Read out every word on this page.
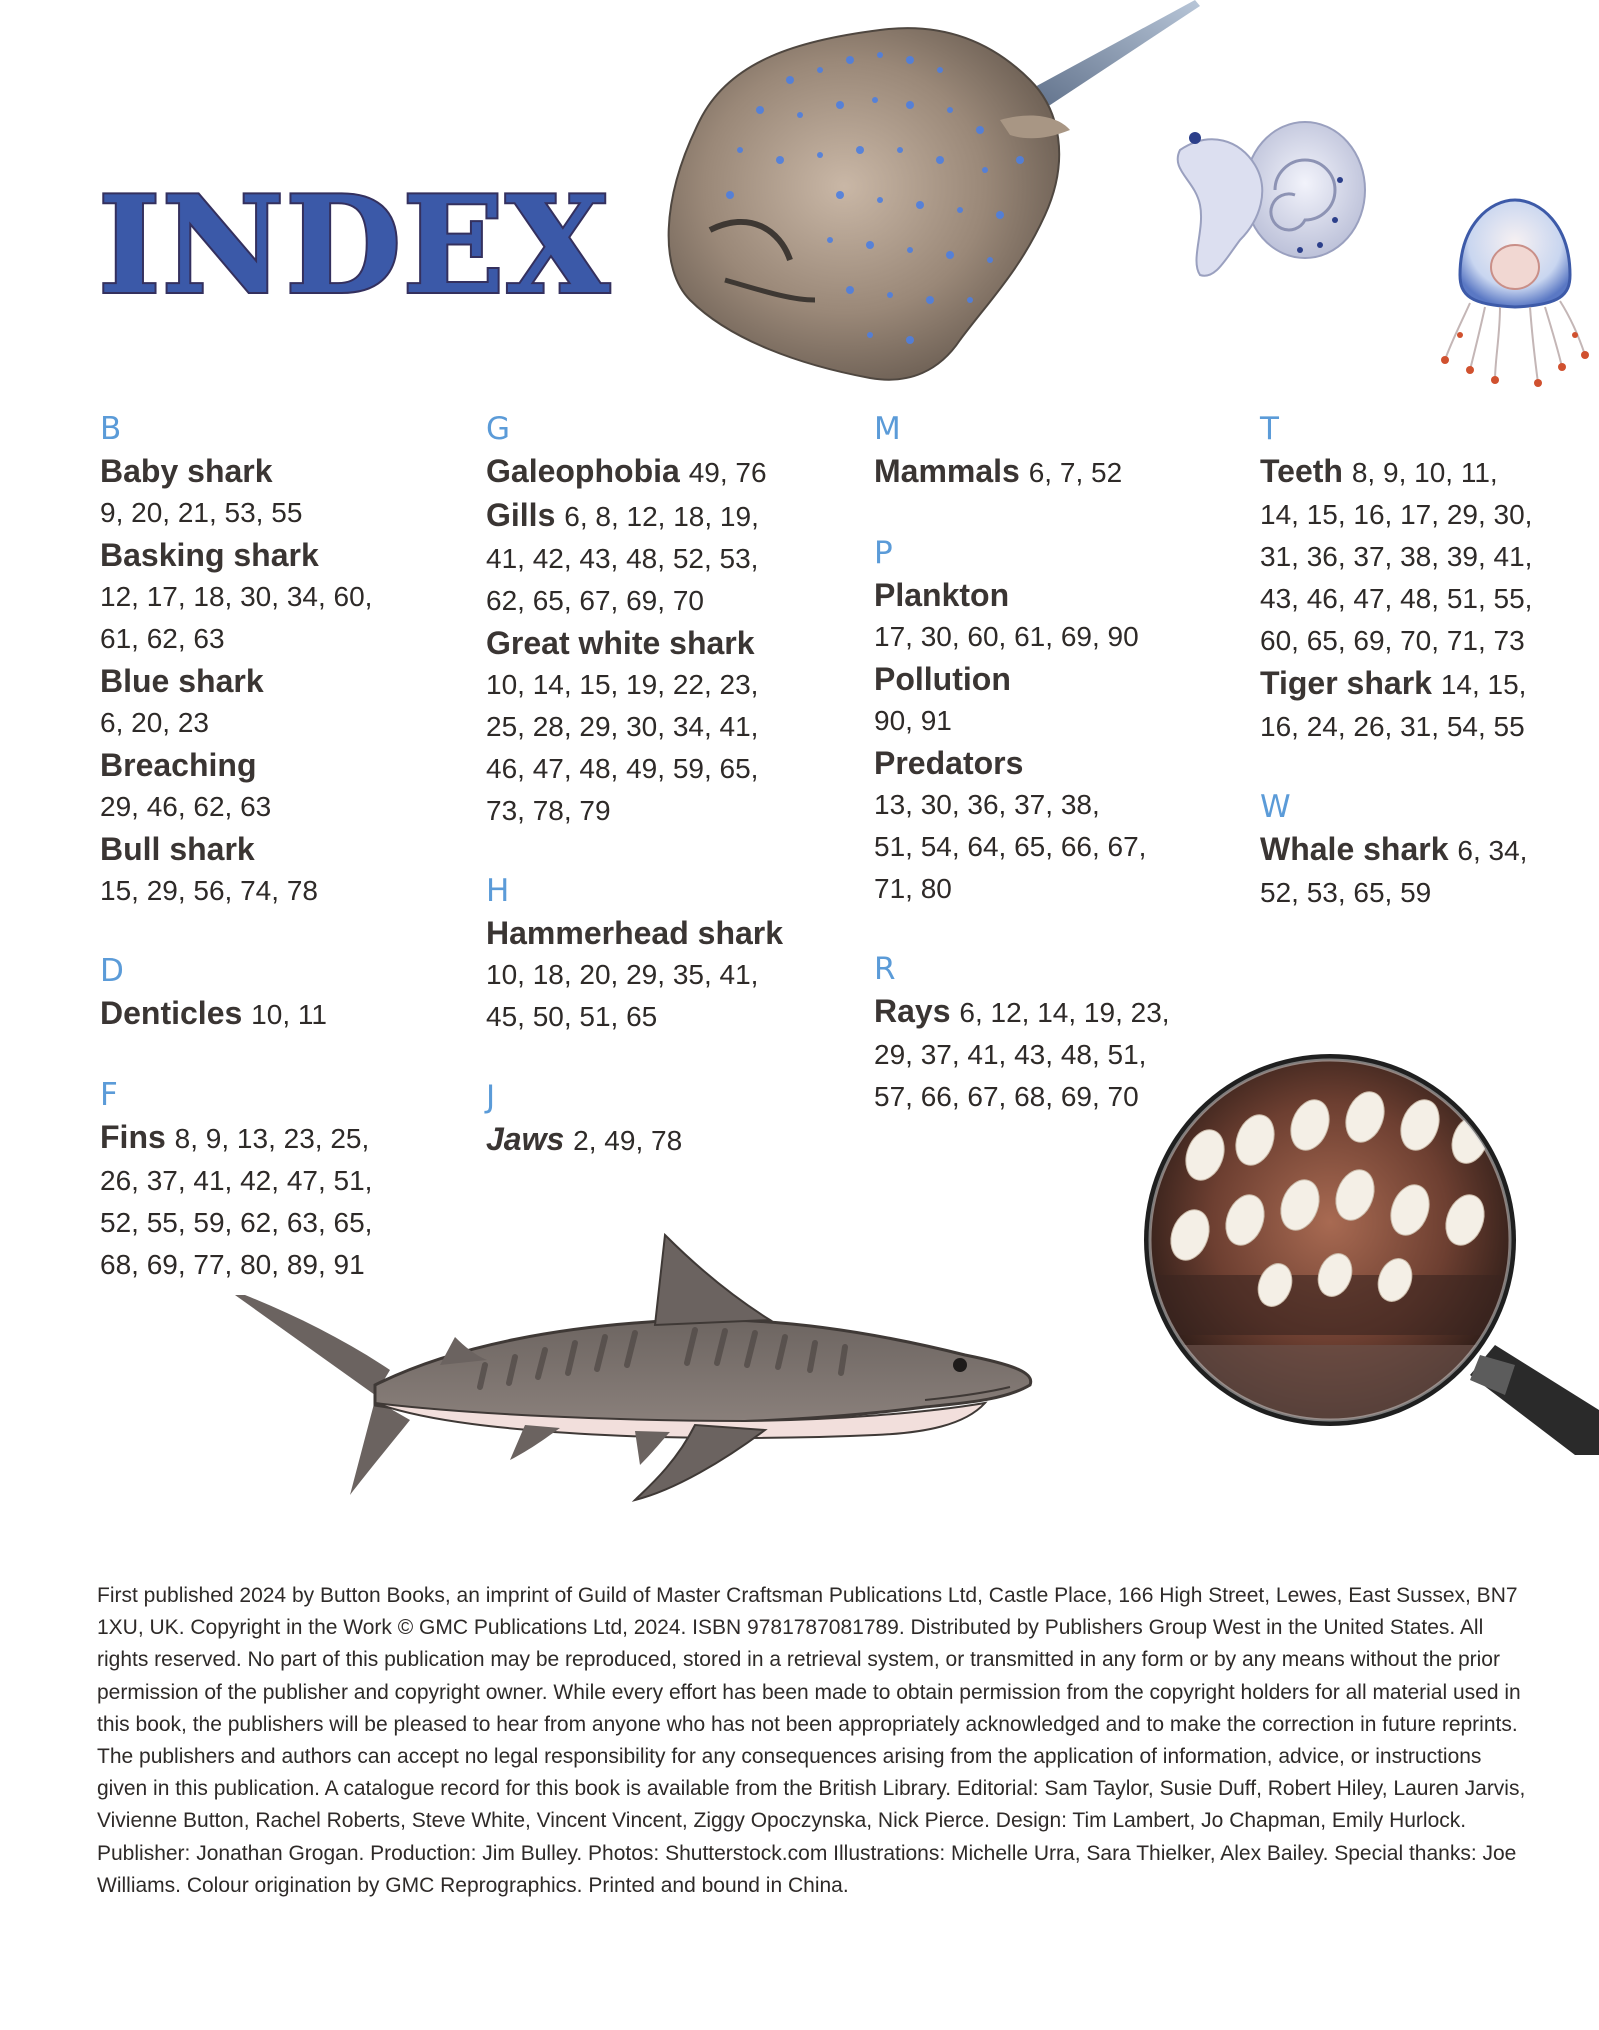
INDEX
B
Baby shark
9, 20, 21, 53, 55
Basking shark
12, 17, 18, 30, 34, 60,
61, 62, 63
Blue shark
6, 20, 23
Breaching
29, 46, 62, 63
Bull shark
15, 29, 56, 74, 78
D
Denticles 10, 11
F
Fins 8, 9, 13, 23, 25,
26, 37, 41, 42, 47, 51,
52, 55, 59, 62, 63, 65,
68, 69, 77, 80, 89, 91
G
Galeophobia 49, 76
Gills 6, 8, 12, 18, 19,
41, 42, 43, 48, 52, 53,
62, 65, 67, 69, 70
Great white shark
10, 14, 15, 19, 22, 23,
25, 28, 29, 30, 34, 41,
46, 47, 48, 49, 59, 65,
73, 78, 79
H
Hammerhead shark
10, 18, 20, 29, 35, 41,
45, 50, 51, 65
J
Jaws 2, 49, 78
M
Mammals 6, 7, 52
P
Plankton
17, 30, 60, 61, 69, 90
Pollution
90, 91
Predators
13, 30, 36, 37, 38,
51, 54, 64, 65, 66, 67,
71, 80
R
Rays 6, 12, 14, 19, 23,
29, 37, 41, 43, 48, 51,
57, 66, 67, 68, 69, 70
T
Teeth 8, 9, 10, 11,
14, 15, 16, 17, 29, 30,
31, 36, 37, 38, 39, 41,
43, 46, 47, 48, 51, 55,
60, 65, 69, 70, 71, 73
Tiger shark 14, 15,
16, 24, 26, 31, 54, 55
W
Whale shark 6, 34,
52, 53, 65, 59
First published 2024 by Button Books, an imprint of Guild of Master Craftsman Publications Ltd, Castle Place, 166 High Street, Lewes, East Sussex, BN7 1XU, UK. Copyright in the Work © GMC Publications Ltd, 2024. ISBN 9781787081789. Distributed by Publishers Group West in the United States. All rights reserved. No part of this publication may be reproduced, stored in a retrieval system, or transmitted in any form or by any means without the prior permission of the publisher and copyright owner. While every effort has been made to obtain permission from the copyright holders for all material used in this book, the publishers will be pleased to hear from anyone who has not been appropriately acknowledged and to make the correction in future reprints. The publishers and authors can accept no legal responsibility for any consequences arising from the application of information, advice, or instructions given in this publication. A catalogue record for this book is available from the British Library. Editorial: Sam Taylor, Susie Duff, Robert Hiley, Lauren Jarvis, Vivienne Button, Rachel Roberts, Steve White, Vincent Vincent, Ziggy Opoczynska, Nick Pierce. Design: Tim Lambert, Jo Chapman, Emily Hurlock. Publisher: Jonathan Grogan. Production: Jim Bulley. Photos: Shutterstock.com Illustrations: Michelle Urra, Sara Thielker, Alex Bailey. Special thanks: Joe Williams. Colour origination by GMC Reprographics. Printed and bound in China.
